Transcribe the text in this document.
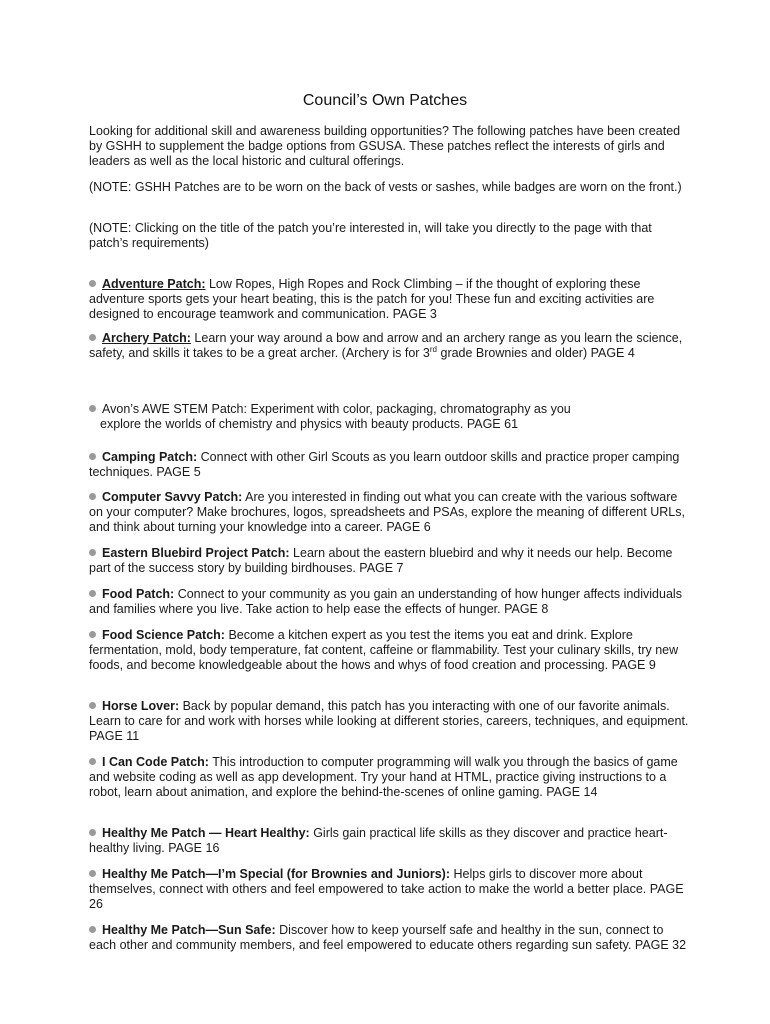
Council’s Own Patches
Looking for additional skill and awareness building opportunities? The following patches have been created by GSHH to supplement the badge options from GSUSA. These patches reflect the interests of girls and leaders as well as the local historic and cultural offerings.
(NOTE: GSHH Patches are to be worn on the back of vests or sashes, while badges are worn on the front.)
(NOTE: Clicking on the title of the patch you’re interested in, will take you directly to the page with that patch’s requirements)
Adventure Patch: Low Ropes, High Ropes and Rock Climbing – if the thought of exploring these adventure sports gets your heart beating, this is the patch for you! These fun and exciting activities are designed to encourage teamwork and communication. PAGE 3
Archery Patch: Learn your way around a bow and arrow and an archery range as you learn the science, safety, and skills it takes to be a great archer. (Archery is for 3rd grade Brownies and older) PAGE 4
Avon’s AWE STEM Patch: Experiment with color, packaging, chromatography as you
explore the worlds of chemistry and physics with beauty products. PAGE 61
Camping Patch: Connect with other Girl Scouts as you learn outdoor skills and practice proper camping techniques. PAGE 5
Computer Savvy Patch: Are you interested in finding out what you can create with the various software on your computer? Make brochures, logos, spreadsheets and PSAs, explore the meaning of different URLs, and think about turning your knowledge into a career. PAGE 6
Eastern Bluebird Project Patch: Learn about the eastern bluebird and why it needs our help. Become part of the success story by building birdhouses. PAGE 7
Food Patch: Connect to your community as you gain an understanding of how hunger affects individuals and families where you live. Take action to help ease the effects of hunger. PAGE 8
Food Science Patch: Become a kitchen expert as you test the items you eat and drink. Explore fermentation, mold, body temperature, fat content, caffeine or flammability. Test your culinary skills, try new foods, and become knowledgeable about the hows and whys of food creation and processing. PAGE 9
Horse Lover: Back by popular demand, this patch has you interacting with one of our favorite animals. Learn to care for and work with horses while looking at different stories, careers, techniques, and equipment. PAGE 11
I Can Code Patch: This introduction to computer programming will walk you through the basics of game and website coding as well as app development. Try your hand at HTML, practice giving instructions to a robot, learn about animation, and explore the behind-the-scenes of online gaming. PAGE 14
Healthy Me Patch — Heart Healthy: Girls gain practical life skills as they discover and practice heart-healthy living. PAGE 16
Healthy Me Patch—I’m Special (for Brownies and Juniors): Helps girls to discover more about themselves, connect with others and feel empowered to take action to make the world a better place. PAGE 26
Healthy Me Patch—Sun Safe: Discover how to keep yourself safe and healthy in the sun, connect to each other and community members, and feel empowered to educate others regarding sun safety. PAGE 32
